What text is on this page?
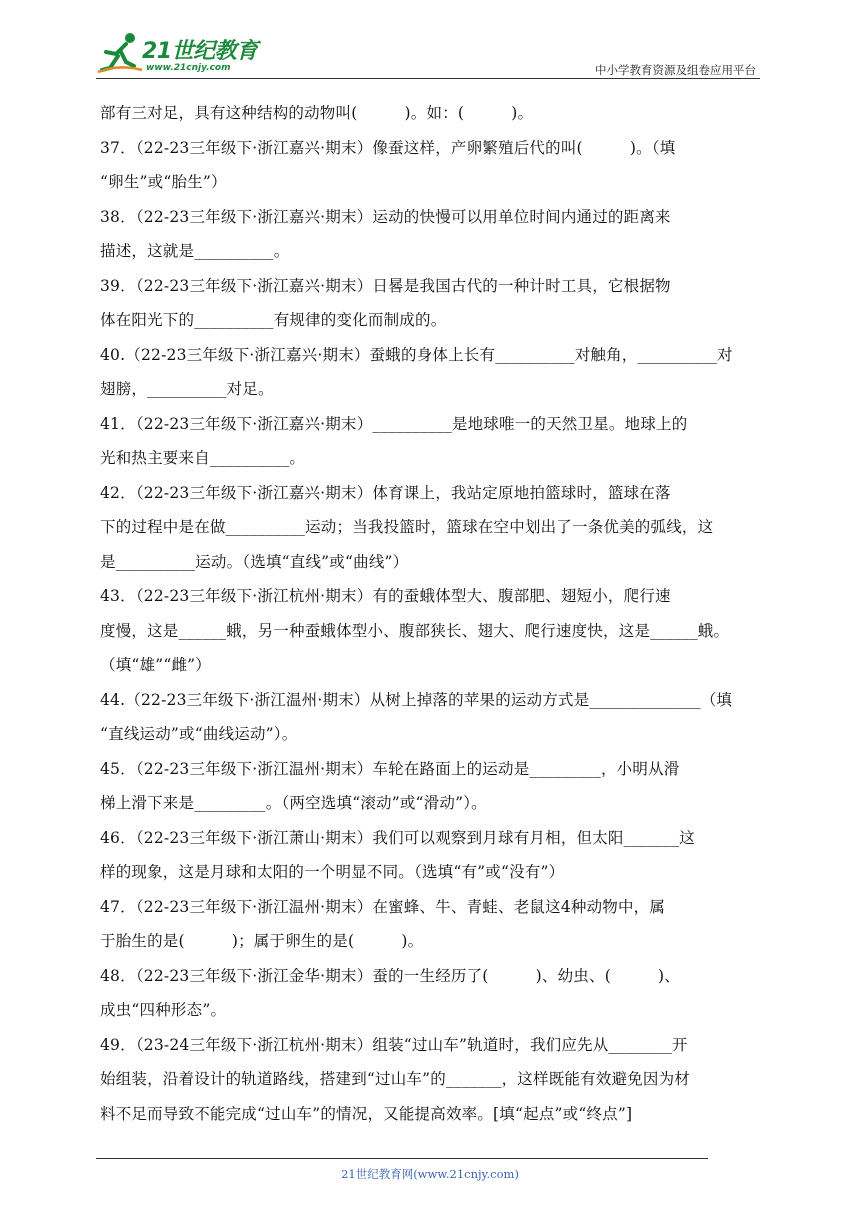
21世纪教育
www.21cnjy.com	中小学教育资源及组卷应用平台

部有三对足，具有这种结构的动物叫(　　　)。如：(　　　)。

37．（22-23三年级下·浙江嘉兴·期末）像蚕这样，产卵繁殖后代的叫(　　　)。（填

“卵生”或“胎生”）

38．（22-23三年级下·浙江嘉兴·期末）运动的快慢可以用单位时间内通过的距离来

描述，这就是__________。

39．（22-23三年级下·浙江嘉兴·期末）日晷是我国古代的一种计时工具，它根据物

体在阳光下的__________有规律的变化而制成的。

40.（22-23三年级下·浙江嘉兴·期末）蚕蛾的身体上长有__________对触角，__________对

翅膀，__________对足。

41．（22-23三年级下·浙江嘉兴·期末）__________是地球唯一的天然卫星。地球上的

光和热主要来自__________。

42．（22-23三年级下·浙江嘉兴·期末）体育课上，我站定原地拍篮球时，篮球在落

下的过程中是在做__________运动；当我投篮时，篮球在空中划出了一条优美的弧线，这

是__________运动。（选填“直线”或“曲线”）

43．（22-23三年级下·浙江杭州·期末）有的蚕蛾体型大、腹部肥、翅短小，爬行速

度慢，这是______蛾，另一种蚕蛾体型小、腹部狭长、翅大、爬行速度快，这是______蛾。

（填“雄”“雌”）

44.（22-23三年级下·浙江温州·期末）从树上掉落的苹果的运动方式是______________（填

“直线运动”或“曲线运动”）。

45．（22-23三年级下·浙江温州·期末）车轮在路面上的运动是_________，小明从滑

梯上滑下来是_________。（两空选填“滚动”或“滑动”）。

46．（22-23三年级下·浙江萧山·期末）我们可以观察到月球有月相，但太阳_______这

样的现象，这是月球和太阳的一个明显不同。（选填“有”或“没有”）

47．（22-23三年级下·浙江温州·期末）在蜜蜂、牛、青蛙、老鼠这4种动物中，属

于胎生的是(　　　)；属于卵生的是(　　　)。

48．（22-23三年级下·浙江金华·期末）蚕的一生经历了(　　　)、幼虫、(　　　)、

成虫“四种形态”。

49．（23-24三年级下·浙江杭州·期末）组装“过山车”轨道时，我们应先从________开

始组装，沿着设计的轨道路线，搭建到“过山车”的_______，这样既能有效避免因为材

料不足而导致不能完成“过山车”的情况，又能提高效率。[填“起点”或“终点”]

21世纪教育网(www.21cnjy.com)
